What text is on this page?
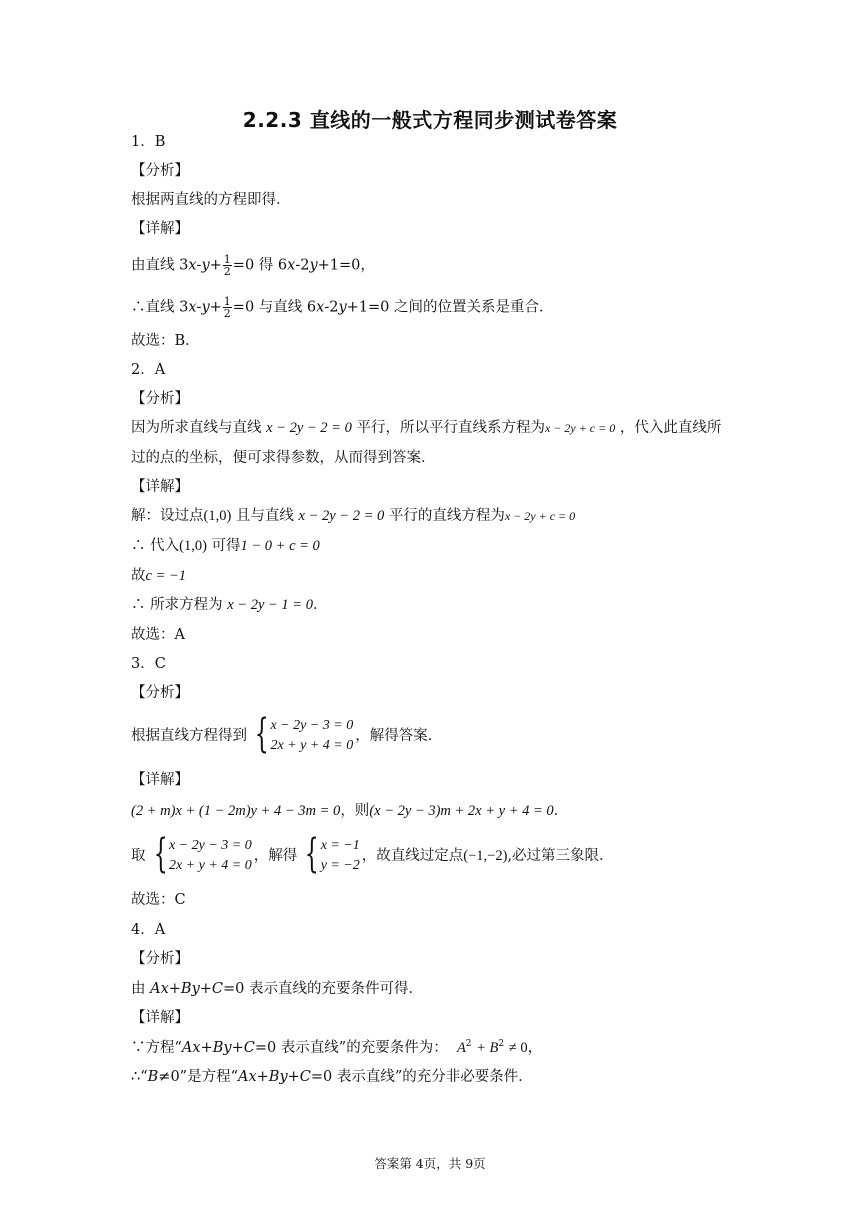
2.2.3 直线的一般式方程同步测试卷答案
1．B
【分析】
根据两直线的方程即得．
【详解】
由直线 $3x-y+ \frac{1}{2} =0$ 得 6x-2y+1=0，
∴直线 $3x-y+ \frac{1}{2} =0$ 与直线 6x-2y+1=0 之间的位置关系是重合．
故选：B．
2．A
【分析】
因为所求直线与直线 x − 2y − 2 = 0 平行，所以平行直线系方程为x − 2y + c = 0 ，代入此直线所
过的点的坐标，便可求得参数，从而得到答案．
【详解】
解：设过点(1,0) 且与直线 x − 2y − 2 = 0 平行的直线方程为x − 2y + c = 0
∴ 代入(1,0) 可得1 − 0 + c = 0
故c = −1
∴ 所求方程为 x − 2y − 1 = 0．
故选：A
3．C
【分析】
根据直线方程得到 { x − 2y − 3 = 0
2x + y + 4 = 0
，解得答案．
【详解】
(2 + m)x + (1 − 2m)y + 4 − 3m = 0，则(x − 2y − 3)m + 2x + y + 4 = 0．
取 { x − 2y − 3 = 0
2x + y + 4 = 0
，解得 { x = −1
y = −2
，故直线过定点(−1,−2),必过第三象限．
故选：C
4．A
【分析】
由 Ax+By+C=0 表示直线的充要条件可得．
【详解】
∵方程“Ax+By+C=0 表示直线”的充要条件为： $A^2 + B^2 \ne 0$，
∴“B≠0”是方程“Ax+By+C=0 表示直线”的充分非必要条件．
答案第 4页，共 9页
